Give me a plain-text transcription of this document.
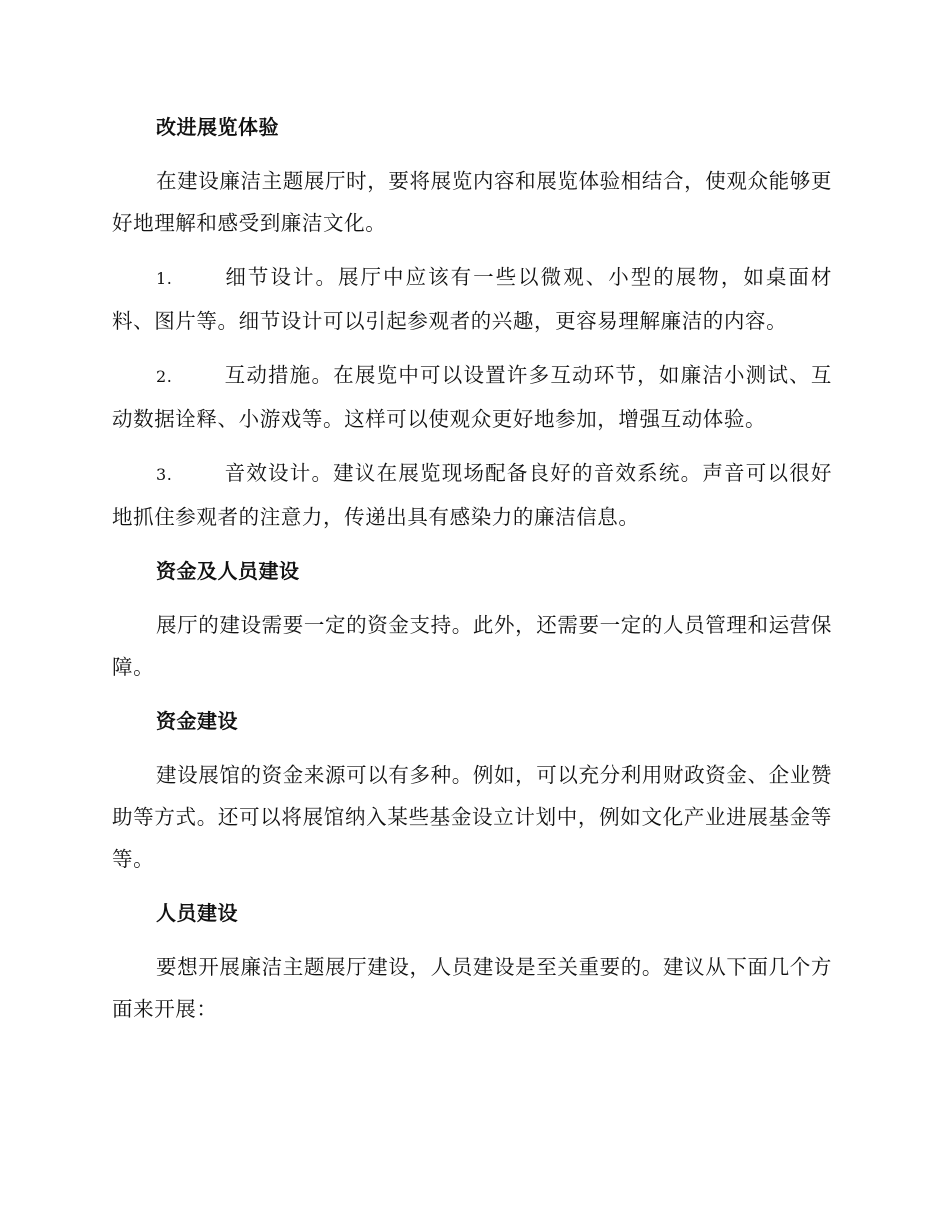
改进展览体验

在建设廉洁主题展厅时，要将展览内容和展览体验相结合，使观众能够更好地理解和感受到廉洁文化。

1.	细节设计。展厅中应该有一些以微观、小型的展物，如桌面材料、图片等。细节设计可以引起参观者的兴趣，更容易理解廉洁的内容。

2.	互动措施。在展览中可以设置许多互动环节，如廉洁小测试、互动数据诠释、小游戏等。这样可以使观众更好地参加，增强互动体验。

3.	音效设计。建议在展览现场配备良好的音效系统。声音可以很好地抓住参观者的注意力，传递出具有感染力的廉洁信息。

资金及人员建设

展厅的建设需要一定的资金支持。此外，还需要一定的人员管理和运营保障。

资金建设

建设展馆的资金来源可以有多种。例如，可以充分利用财政资金、企业赞助等方式。还可以将展馆纳入某些基金设立计划中，例如文化产业进展基金等等。

人员建设

要想开展廉洁主题展厅建设，人员建设是至关重要的。建议从下面几个方面来开展：
